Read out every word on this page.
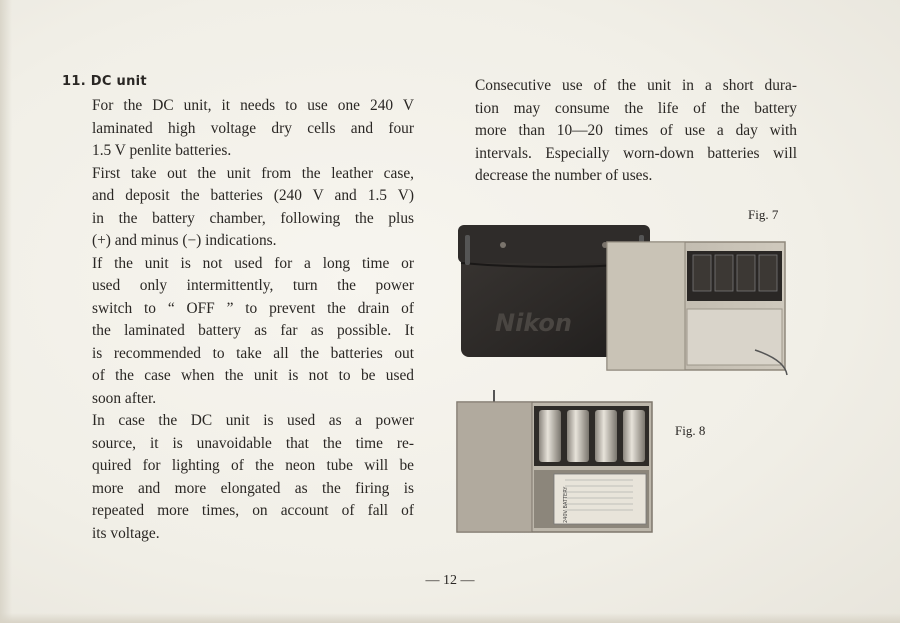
11. DC unit
For the DC unit, it needs to use one 240 V
laminated high voltage dry cells and four
1.5 V penlite batteries.
First take out the unit from the leather case,
and deposit the batteries (240 V and 1.5 V)
in the battery chamber, following the plus
(+) and minus (−) indications.
If the unit is not used for a long time or
used only intermittently, turn the power
switch to “ OFF ” to prevent the drain of
the laminated battery as far as possible. It
is recommended to take all the batteries out
of the case when the unit is not to be used
soon after.
In case the DC unit is used as a power
source, it is unavoidable that the time re-
quired for lighting of the neon tube will be
more and more elongated as the firing is
repeated more times, on account of fall of
its voltage.
Consecutive use of the unit in a short dura-
tion may consume the life of the battery
more than 10—20 times of use a day with
intervals. Especially worn-down batteries will
decrease the number of uses.
Fig. 7
Nikon
Fig. 8
240V BATTERY
— 12 —
